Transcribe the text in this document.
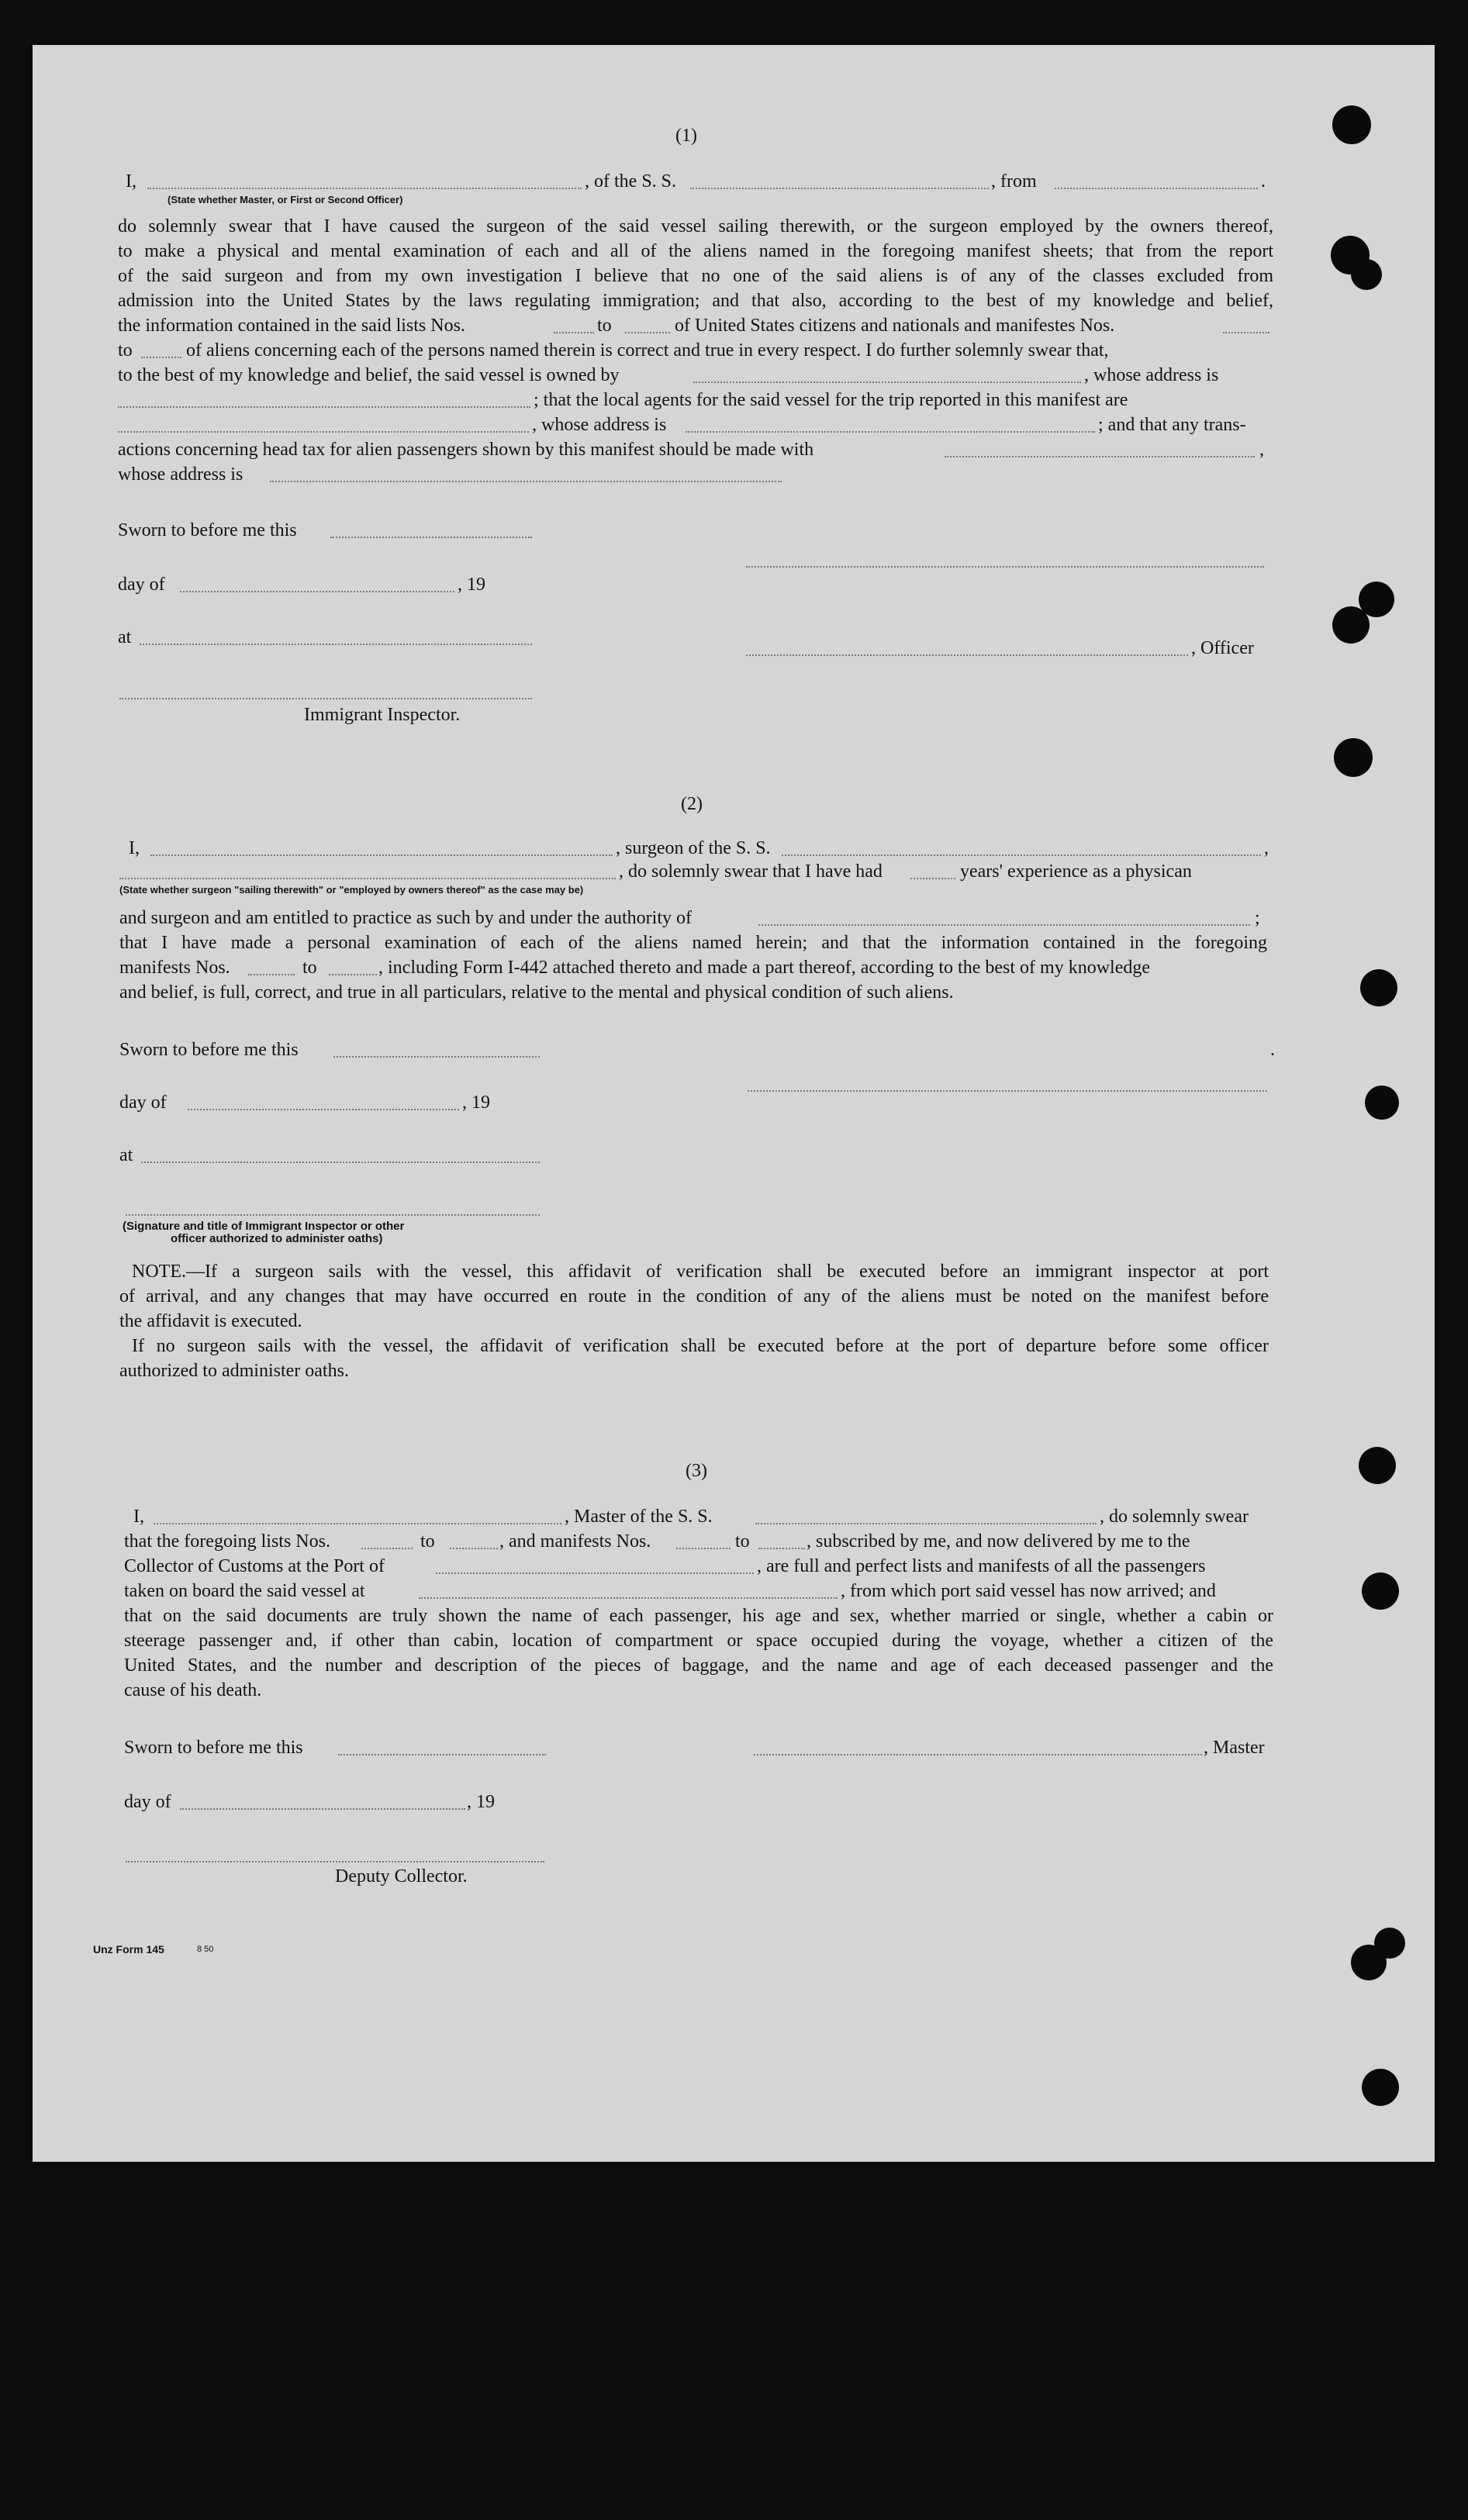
(1)
I,	, of the S. S.	, from	.
(State whether Master, or First or Second Officer)
do solemnly swear that I have caused the surgeon of the said vessel sailing therewith, or the surgeon employed by the owners thereof,
to make a physical and mental examination of each and all of the aliens named in the foregoing manifest sheets; that from the report
of the said surgeon and from my own investigation I believe that no one of the said aliens is of any of the classes excluded from
admission into the United States by the laws regulating immigration; and that also, according to the best of my knowledge and belief,
the information contained in the said lists Nos.	to	of United States citizens and nationals and manifestes Nos.
to	of aliens concerning each of the persons named therein is correct and true in every respect. I do further solemnly swear that,
to the best of my knowledge and belief, the said vessel is owned by	, whose address is
; that the local agents for the said vessel for the trip reported in this manifest are
, whose address is	; and that any trans-
actions concerning head tax for alien passengers shown by this manifest should be made with	,
whose address is
Sworn to before me this
day of	, 19
at
, Officer
Immigrant Inspector.
(2)
I,	, surgeon of the S. S.	,
, do solemnly swear that I have had	years' experience as a physican
(State whether surgeon "sailing therewith" or "employed by owners thereof" as the case may be)
and surgeon and am entitled to practice as such by and under the authority of	;
that I have made a personal examination of each of the aliens named herein; and that the information contained in the foregoing
manifests Nos.	to	, including Form I-442 attached thereto and made a part thereof, according to the best of my knowledge
and belief, is full, correct, and true in all particulars, relative to the mental and physical condition of such aliens.
Sworn to before me this	.
day of	, 19
at
(Signature and title of Immigrant Inspector or other
officer authorized to administer oaths)
NOTE.—If a surgeon sails with the vessel, this affidavit of verification shall be executed before an immigrant inspector at port
of arrival, and any changes that may have occurred en route in the condition of any of the aliens must be noted on the manifest before
the affidavit is executed.
If no surgeon sails with the vessel, the affidavit of verification shall be executed before at the port of departure before some officer
authorized to administer oaths.
(3)
I,	, Master of the S. S.	, do solemnly swear
that the foregoing lists Nos.	to	, and manifests Nos.	to	, subscribed by me, and now delivered by me to the
Collector of Customs at the Port of	, are full and perfect lists and manifests of all the passengers
taken on board the said vessel at	, from which port said vessel has now arrived; and
that on the said documents are truly shown the name of each passenger, his age and sex, whether married or single, whether a cabin or
steerage passenger and, if other than cabin, location of compartment or space occupied during the voyage, whether a citizen of the
United States, and the number and description of the pieces of baggage, and the name and age of each deceased passenger and the
cause of his death.
Sworn to before me this	, Master
day of	, 19
Deputy Collector.
Unz Form 145	8 50
